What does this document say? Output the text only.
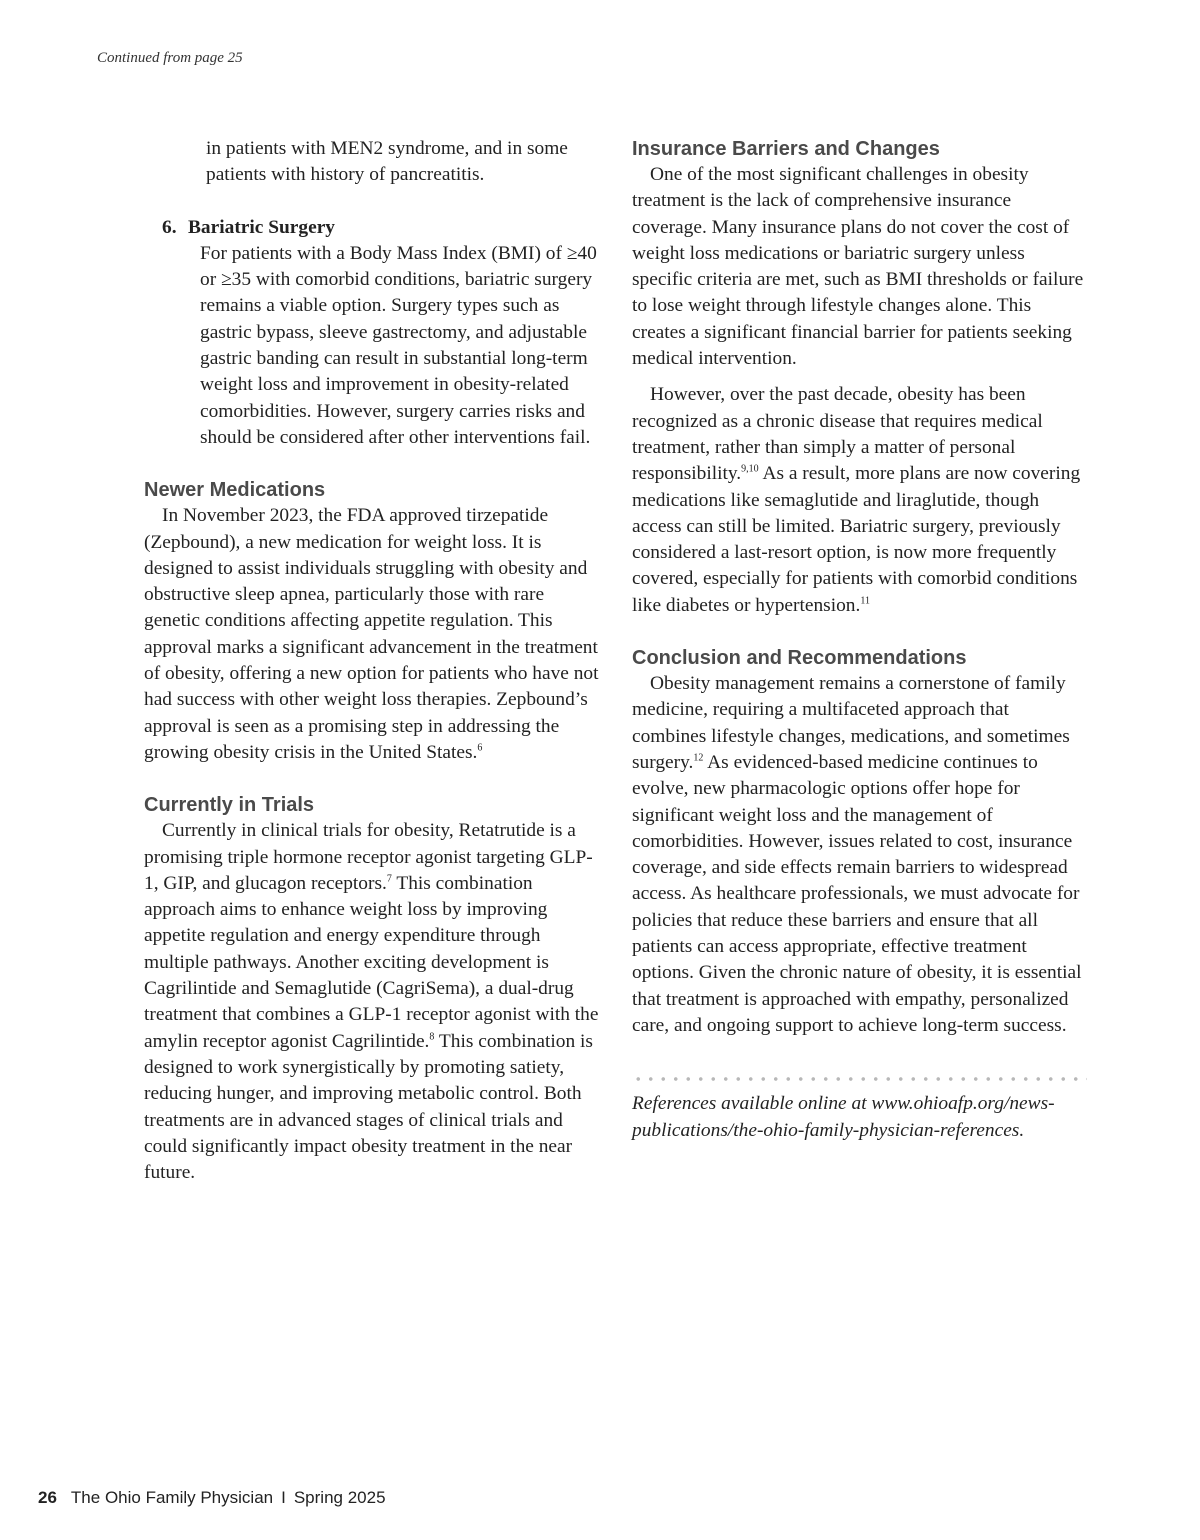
Continued from page 25

in patients with MEN2 syndrome, and in some patients with history of pancreatitis.

6. Bariatric Surgery

For patients with a Body Mass Index (BMI) of ≥40 or ≥35 with comorbid conditions, bariatric surgery remains a viable option. Surgery types such as gastric bypass, sleeve gastrectomy, and adjustable gastric banding can result in substantial long-term weight loss and improvement in obesity-related comorbidities. However, surgery carries risks and should be considered after other interventions fail.

Newer Medications

In November 2023, the FDA approved tirzepatide (Zepbound), a new medication for weight loss. It is designed to assist individuals struggling with obesity and obstructive sleep apnea, particularly those with rare genetic conditions affecting appetite regulation. This approval marks a significant advancement in the treatment of obesity, offering a new option for patients who have not had success with other weight loss therapies. Zepbound’s approval is seen as a promising step in addressing the growing obesity crisis in the United States.$^6$

Currently in Trials

Currently in clinical trials for obesity, Retatrutide is a promising triple hormone receptor agonist targeting GLP-1, GIP, and glucagon receptors.$^7$ This combination approach aims to enhance weight loss by improving appetite regulation and energy expenditure through multiple pathways. Another exciting development is Cagrilintide and Semaglutide (CagriSema), a dual-drug treatment that combines a GLP-1 receptor agonist with the amylin receptor agonist Cagrilintide.$^8$ This combination is designed to work synergistically by promoting satiety, reducing hunger, and improving metabolic control. Both treatments are in advanced stages of clinical trials and could significantly impact obesity treatment in the near future.

Insurance Barriers and Changes

One of the most significant challenges in obesity treatment is the lack of comprehensive insurance coverage. Many insurance plans do not cover the cost of weight loss medications or bariatric surgery unless specific criteria are met, such as BMI thresholds or failure to lose weight through lifestyle changes alone. This creates a significant financial barrier for patients seeking medical intervention.

However, over the past decade, obesity has been recognized as a chronic disease that requires medical treatment, rather than simply a matter of personal responsibility.$^{9,10}$ As a result, more plans are now covering medications like semaglutide and liraglutide, though access can still be limited. Bariatric surgery, previously considered a last-resort option, is now more frequently covered, especially for patients with comorbid conditions like diabetes or hypertension.$^{11}$

Conclusion and Recommendations

Obesity management remains a cornerstone of family medicine, requiring a multifaceted approach that combines lifestyle changes, medications, and sometimes surgery.$^{12}$ As evidenced-based medicine continues to evolve, new pharmacologic options offer hope for significant weight loss and the management of comorbidities. However, issues related to cost, insurance coverage, and side effects remain barriers to widespread access. As healthcare professionals, we must advocate for policies that reduce these barriers and ensure that all patients can access appropriate, effective treatment options. Given the chronic nature of obesity, it is essential that treatment is approached with empathy, personalized care, and ongoing support to achieve long-term success.

References available online at www.ohioafp.org/news-publications/the-ohio-family-physician-references.

26 The Ohio Family Physician I Spring 2025
